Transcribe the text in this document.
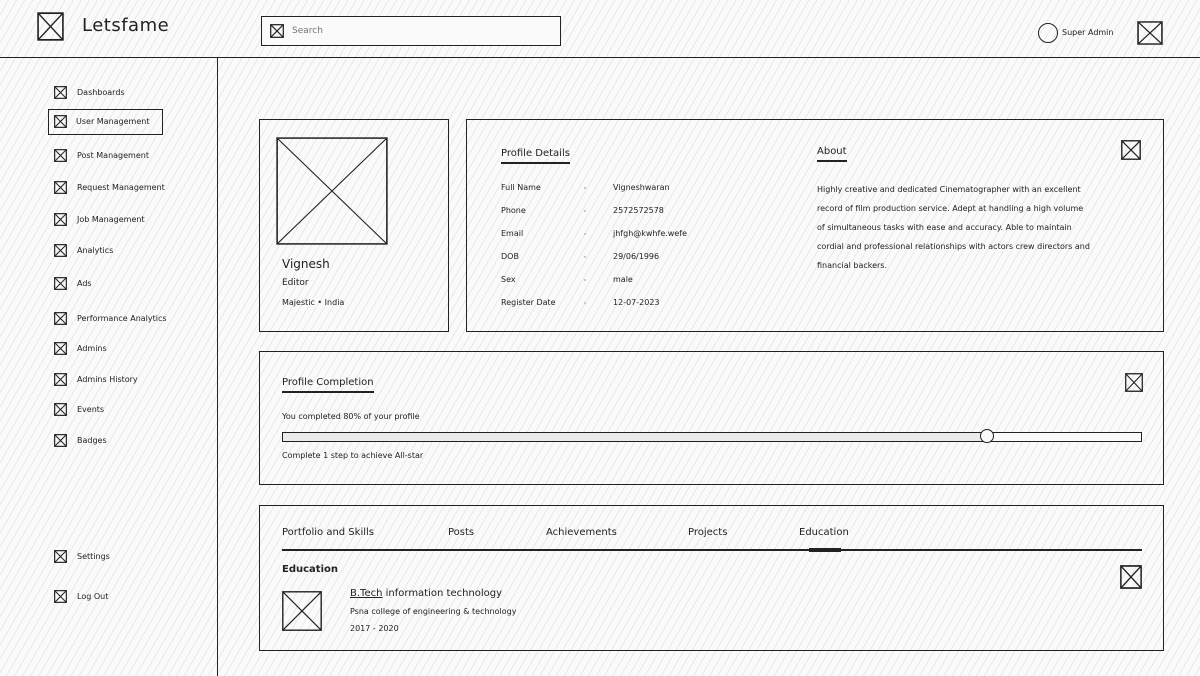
Letsfame
Search	Super Admin
Dashboards
User Management
Post Management
Request Management
Job Management
Analytics
Ads
Performance Analytics
Admins
Admins History
Events
Badges
Settings
Log Out
Vignesh
Editor
Majestic • India
Profile Details
Full Name	Vigneshwaran
Phone	2572572578
Email	jhfgh@kwhfe.wefe
DOB	29/06/1996
Sex	male
Register Date	12-07-2023
About
Highly creative and dedicated Cinematographer with an excellent record of film production service. Adept at handling a high volume of simultaneous tasks with ease and accuracy. Able to maintain cordial and professional relationships with actors crew directors and financial backers.
Profile Completion
You completed 80% of your profile
Complete 1 step to achieve All-star
Portfolio and Skills	Posts	Achievements	Projects	Education
Education
B.Tech information technology
Psna college of engineering & technology
2017 - 2020
